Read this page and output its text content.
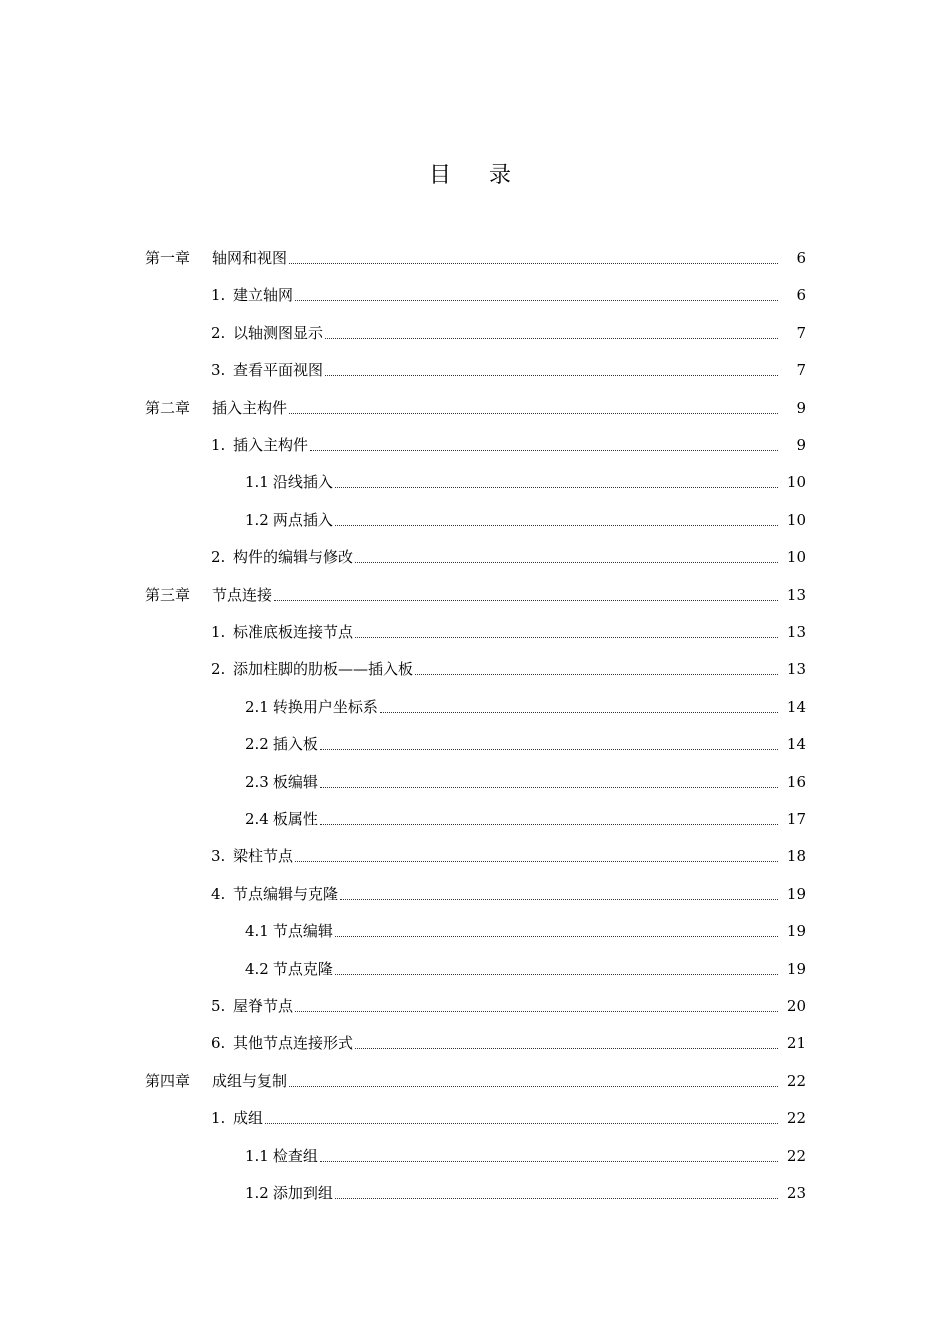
目 录
第一章 轴网和视图	6
1. 建立轴网	6
2. 以轴测图显示	7
3. 查看平面视图	7
第二章 插入主构件	9
1. 插入主构件	9
1.1 沿线插入	10
1.2 两点插入	10
2. 构件的编辑与修改	10
第三章 节点连接	13
1. 标准底板连接节点	13
2. 添加柱脚的肋板——插入板	13
2.1 转换用户坐标系	14
2.2 插入板	14
2.3 板编辑	16
2.4 板属性	17
3. 梁柱节点	18
4. 节点编辑与克隆	19
4.1 节点编辑	19
4.2 节点克隆	19
5. 屋脊节点	20
6. 其他节点连接形式	21
第四章 成组与复制	22
1. 成组	22
1.1 检查组	22
1.2 添加到组	23
